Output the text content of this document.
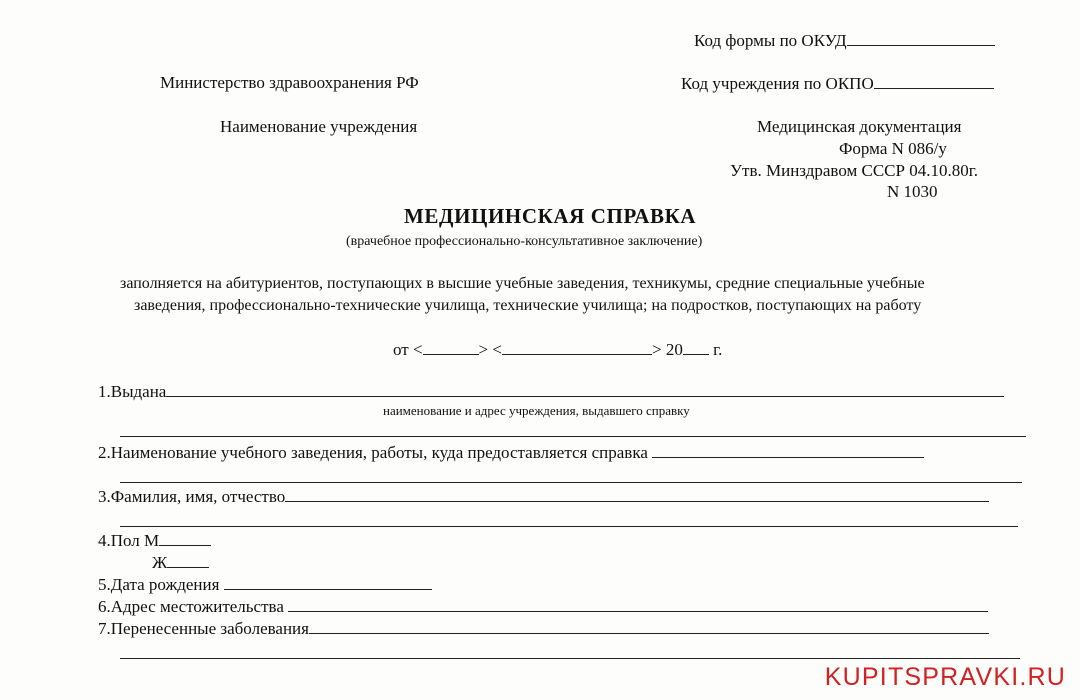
Код формы по ОКУД
Министерство здравоохранения РФ	Код учреждения по ОКПО
Наименование учреждения	Медицинская документация
Форма N 086/у
Утв. Минздравом СССР 04.10.80г.
N 1030
МЕДИЦИНСКАЯ СПРАВКА
(врачебное профессионально-консультативное заключение)
заполняется на абитуриентов, поступающих в высшие учебные заведения, техникумы, средние специальные учебные
заведения, профессионально-технические училища, технические училища; на подростков, поступающих на работу
от <	> <	> 20 г.
1.Выдана
наименование и адрес учреждения, выдавшего справку
2.Наименование учебного заведения, работы, куда предоставляется справка
3.Фамилия, имя, отчество
4.Пол М
Ж
5.Дата рождения
6.Адрес местожительства
7.Перенесенные заболевания
KUPITSPRAVKI.RU
